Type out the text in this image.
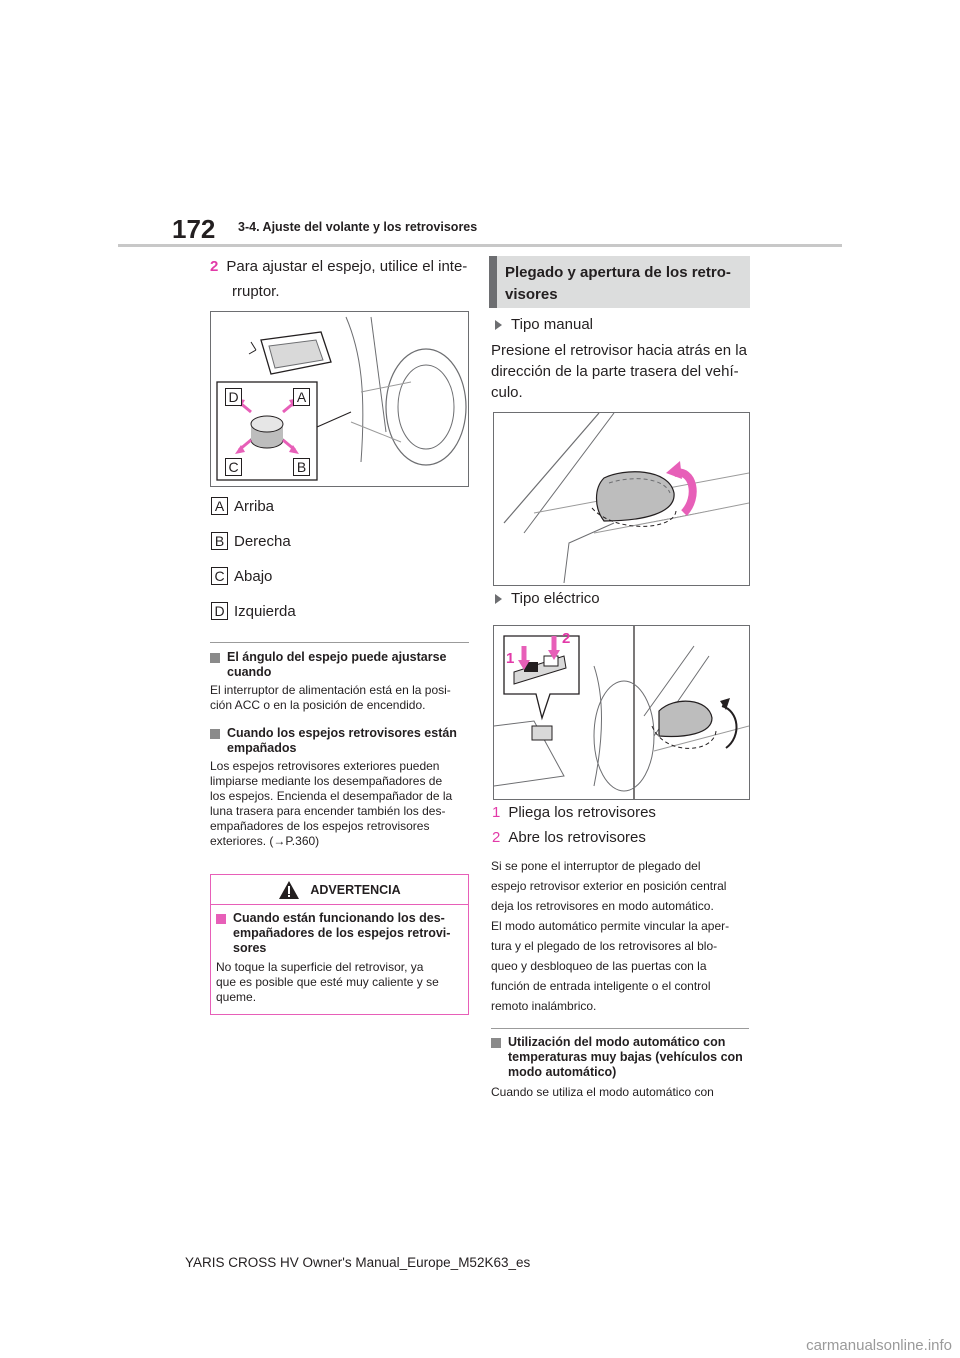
172 3-4. Ajuste del volante y los retrovisores
2 Para ajustar el espejo, utilice el inte-
rruptor.
D	A
C	B
A Arriba
B Derecha
C Abajo
D Izquierda
El ángulo del espejo puede ajustarse
cuando
El interruptor de alimentación está en la posi-
ción ACC o en la posición de encendido.
Cuando los espejos retrovisores están
empañados
Los espejos retrovisores exteriores pueden
limpiarse mediante los desempañadores de
los espejos. Encienda el desempañador de la
luna trasera para encender también los des-
empañadores de los espejos retrovisores
exteriores. (→P.360)
ADVERTENCIA
Cuando están funcionando los des-
empañadores de los espejos retrovi-
sores
No toque la superficie del retrovisor, ya
que es posible que esté muy caliente y se
queme.
Plegado y apertura de los retro-
visores
Tipo manual
Presione el retrovisor hacia atrás en la
dirección de la parte trasera del vehí-
culo.
Tipo eléctrico
1
2
1 Pliega los retrovisores
2 Abre los retrovisores
Si se pone el interruptor de plegado del
espejo retrovisor exterior en posición central
deja los retrovisores en modo automático.
El modo automático permite vincular la aper-
tura y el plegado de los retrovisores al blo-
queo y desbloqueo de las puertas con la
función de entrada inteligente o el control
remoto inalámbrico.
Utilización del modo automático con
temperaturas muy bajas (vehículos con
modo automático)
Cuando se utiliza el modo automático con
YARIS CROSS HV Owner's Manual_Europe_M52K63_es
carmanualsonline.info
